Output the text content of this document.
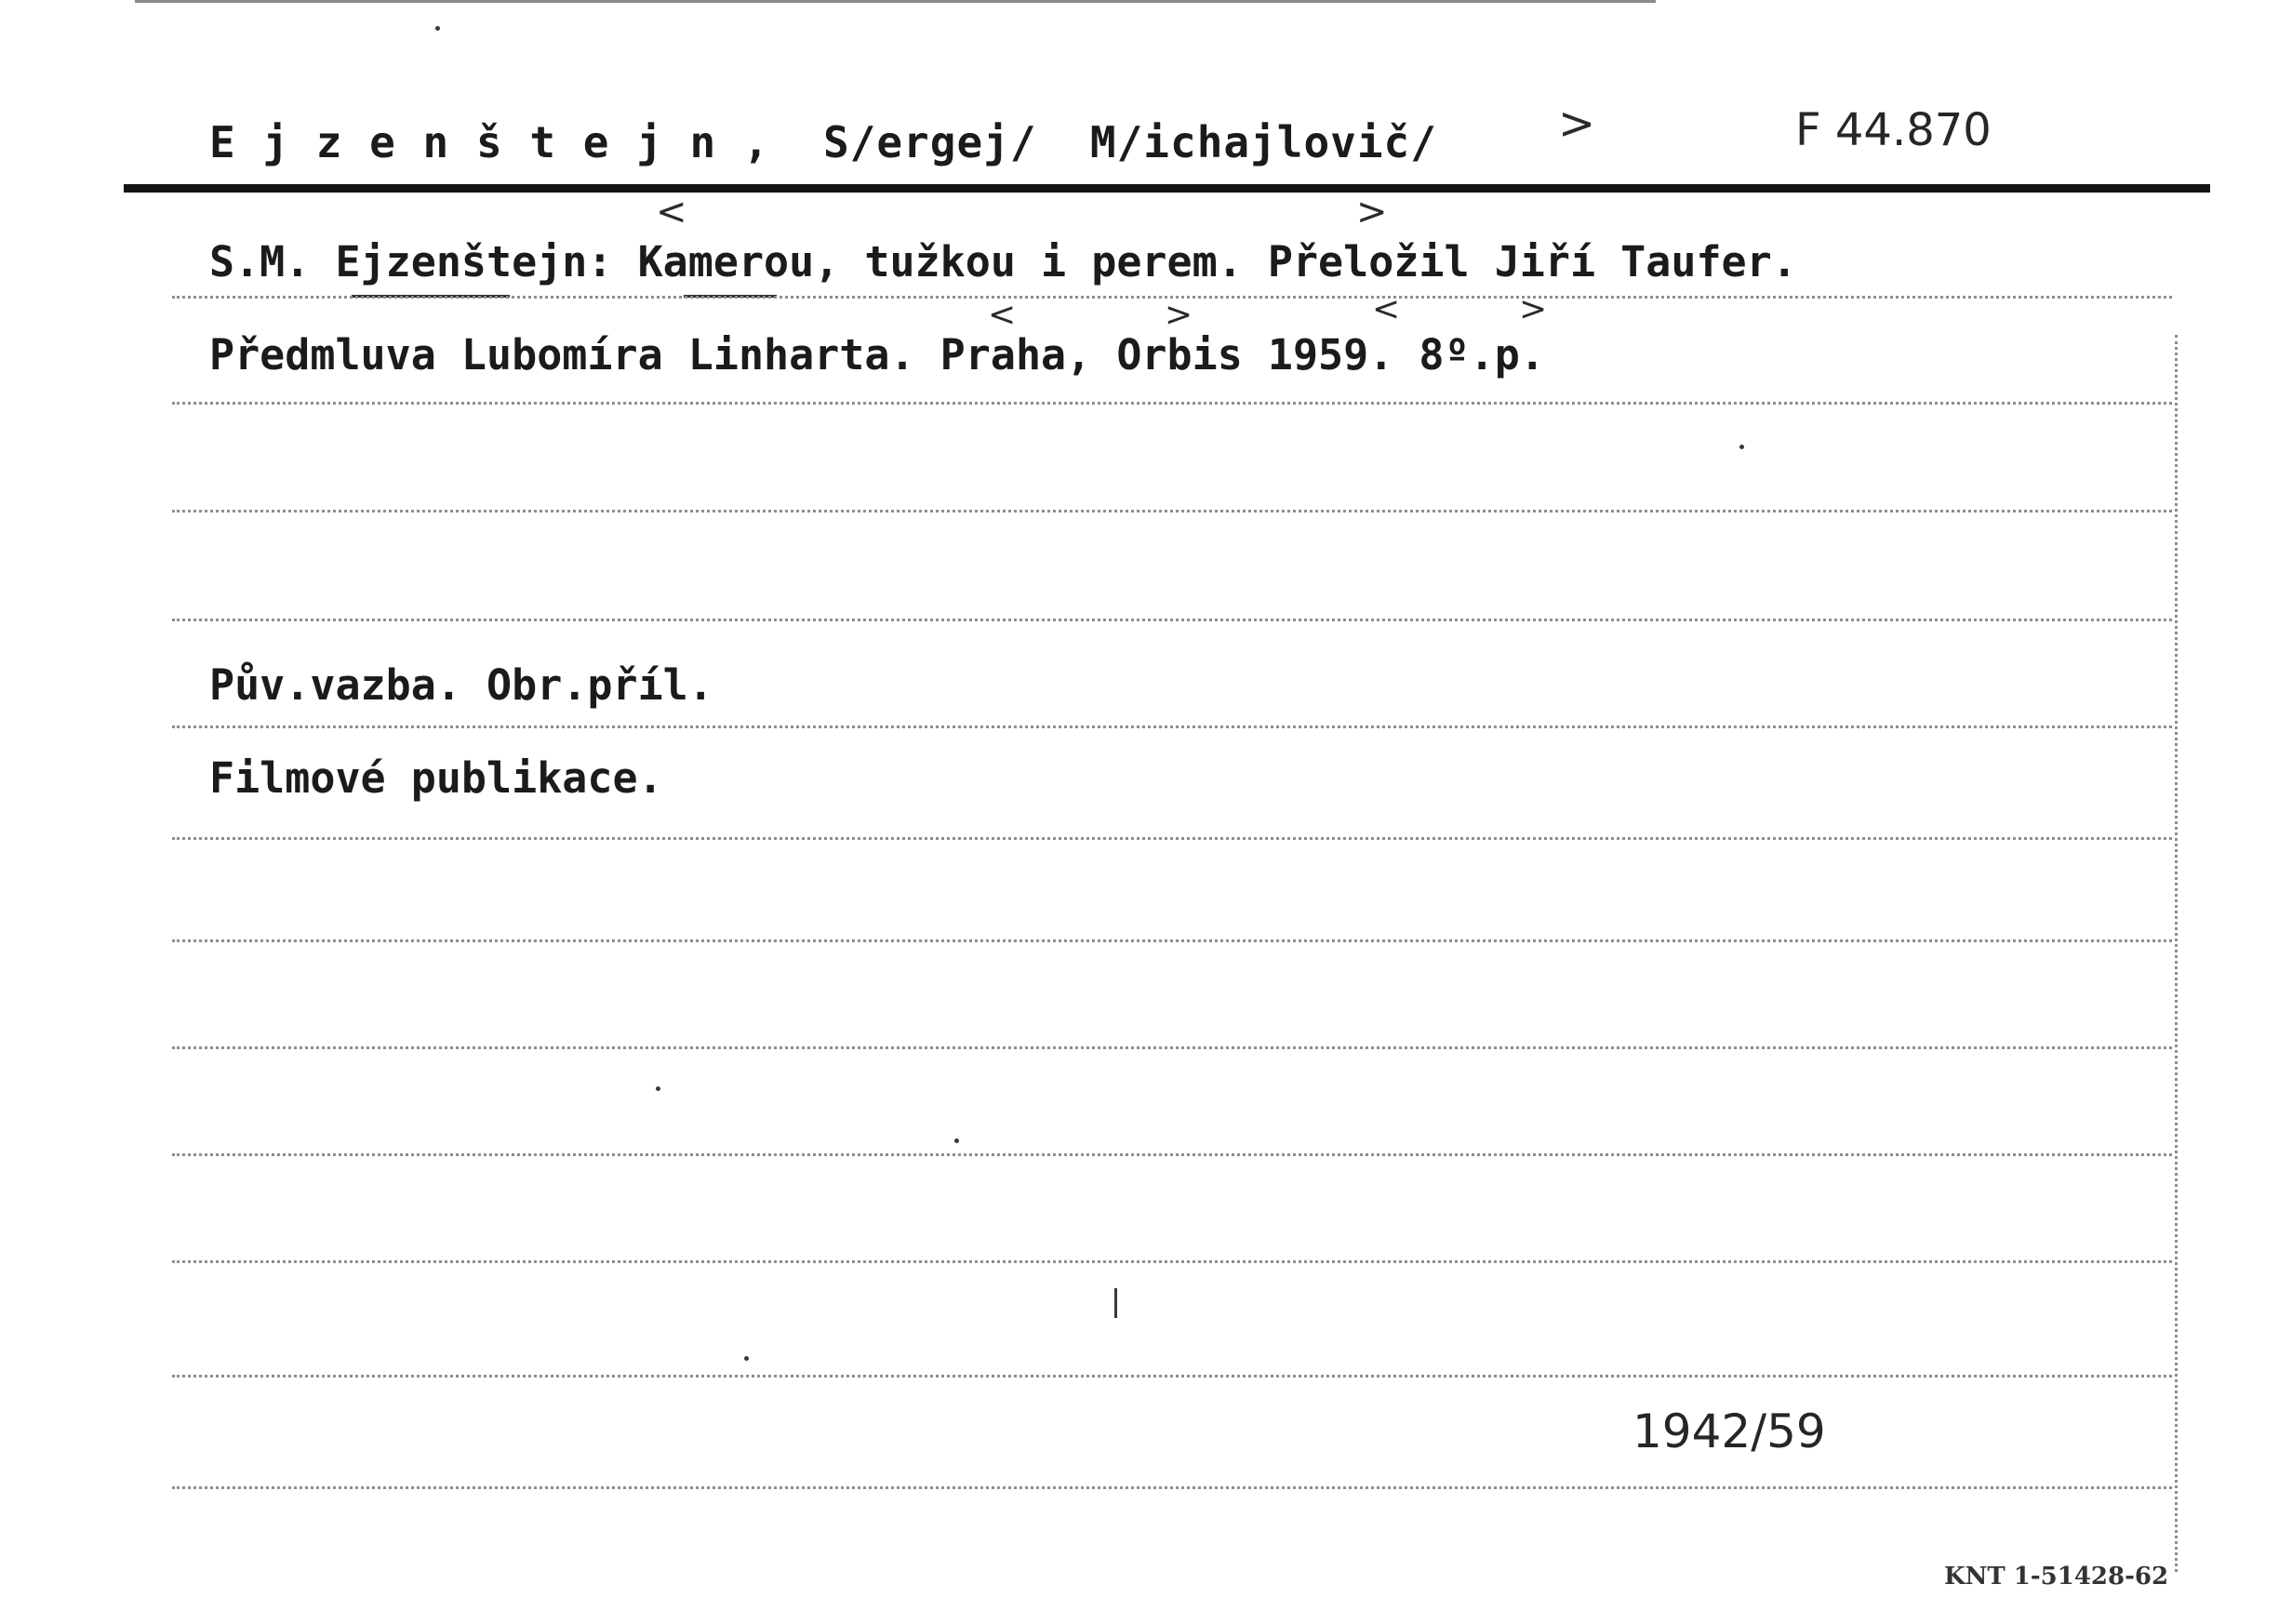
E j z e n š t e j n ,  S/ergej/  M/ichajlovič/	F 44.870
>
<	>
S.M. Ejzenštejn: Kamerou, tužkou i perem. Přeložil Jiří Taufer.
<	>	<	>
Předmluva Lubomíra Linharta. Praha, Orbis 1959. 8º.p.
Pův.vazba. Obr.příl.
Filmové publikace.
1942/59
KNT 1-51428-62
